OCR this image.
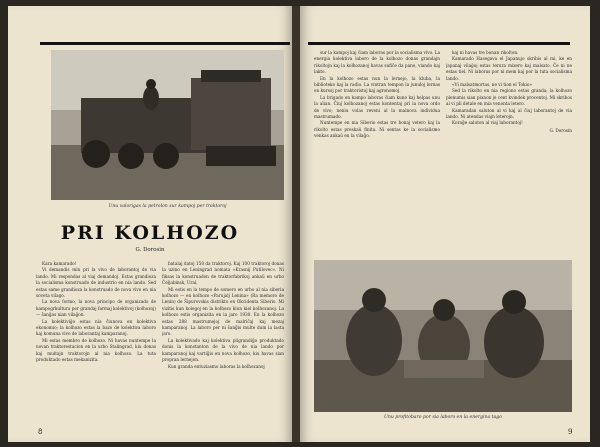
Unu valorigas la petrolon sur kampoj per traktoroj
PRI KOLHOZO
G. Dorosin

Kara kamarado!

Vi demandis min pri la vivo de laborantoj de via lando. Mi respondas al viaj demandoj. Estas grandioza la socialisma konstruado de industrio en nia lando. Sed estas same grandioza la konstruado de nova vivo en nia soveta vilago.

La nova formo, la nova principo de organizado de kampogrkultura per grandaj farmaj kolektivoj (kolhozoj) — ŝanĝas nian vilaĝon.

La kolektiviĝo estas nia ĉiunova en kolektiva ekonomio; la kolhozo estas la bazo de kolektiva laboro kaj komuna vivo de laborantaj kamparanoj.

Mi estas membro de kolhozo. Ni havas nuntempe la novan traktorestacion en la urbo Stalingrad, kiu donas kaj multajn traktorojn al nia kolhozo. La tuta produktado estas mekanizita.

batalaj datoj 150 da traktoroj. Kaj 100 traktoroj donas la uzino en Leningrad nomata «Krasnij Putilovec». Ni fiksas la konstruadon de traktorfabrikoj ankaŭ en urbo Ĉeljabinsk, Ural.

Mi estis en la tempo de somero en urbo al nia siberia kolhozo — en kolhozo «Parujalj Lenina» (Ra memoro de Lenin) de Ŝipurovskis distrikto en Okcidenta Siberio. Mi vizitis kun kolegoj en la kolhozo kiun kiel kolhozanoj. La kolhozo estis organizita en la jaro 1930. En la kolhozo estas 288 mastrumejoj de malriĉaj kaj mezaj kamparanoj. La laboro per ni ŝanĝis multe dum la lasta jaro.

La kolektivado kaj kolektiva pligrandiĝo produktado donis la konstanton de la vivo de nia lando por kamparanoj kaj vartiĝis en nova kolhozo, kiu havas sian propran lernejon.

Kun granda entuziasmo laboras la kolhozanoj

8

sur la kampoj kaj ĉiam laboras por la socialisma vivo. La energia kolektiva laboro de la kolhozo donas grandajn rikoltojn kaj la kolhozanoj havas sufiĉe da pano, viando kaj lakto.

En la kolhozo estas nun la lernejo, la kluba, la biblioteko kaj la radio. La vintran tempon la junuloj lernas en kursoj por traktoristoj kaj agronomoj.

La brigado en kampo laboras ĉiam kune kaj helpas unu la alian. Ĉiuj kolhozanoj estas kontentaj pri la nova ordo de vivo; neniu volas reveni al la malnova individua mastrumado.

Nuntempe en nia Siberio estas tre bonaj vetero kaj la rikolto estas preskaŭ finita. Ni sentas ke la socialismo venkas ankaŭ en la vilaĝo.

kaj ni havas tre bonan rikolton.

Kamarado Hasegava el Japanujo skribis al mi, ke en japanaj vilaĝoj estas terura mizero kaj malsato. Ĉe ni ne estas tiel. Ni laboras por ni mem kaj por la tuta socialisma lando.

«Vi malsatmortas, ne vi tion el Tokio»

Sed la rikolto en nia regiono estas granda; la kolhozo plenumis sian planon je cent kvindek procentoj. Mi skribos al vi pli detale en mia venonta letero.

Kamaradan saluton al vi kaj al ĉiuj laborantoj de via lando. Ni atendas viajn leterojn.

Koraĝe saluton al viaj laborantoj!

G. Dorosin
Unu profitobaro por sia laboro en la energina tago
9
